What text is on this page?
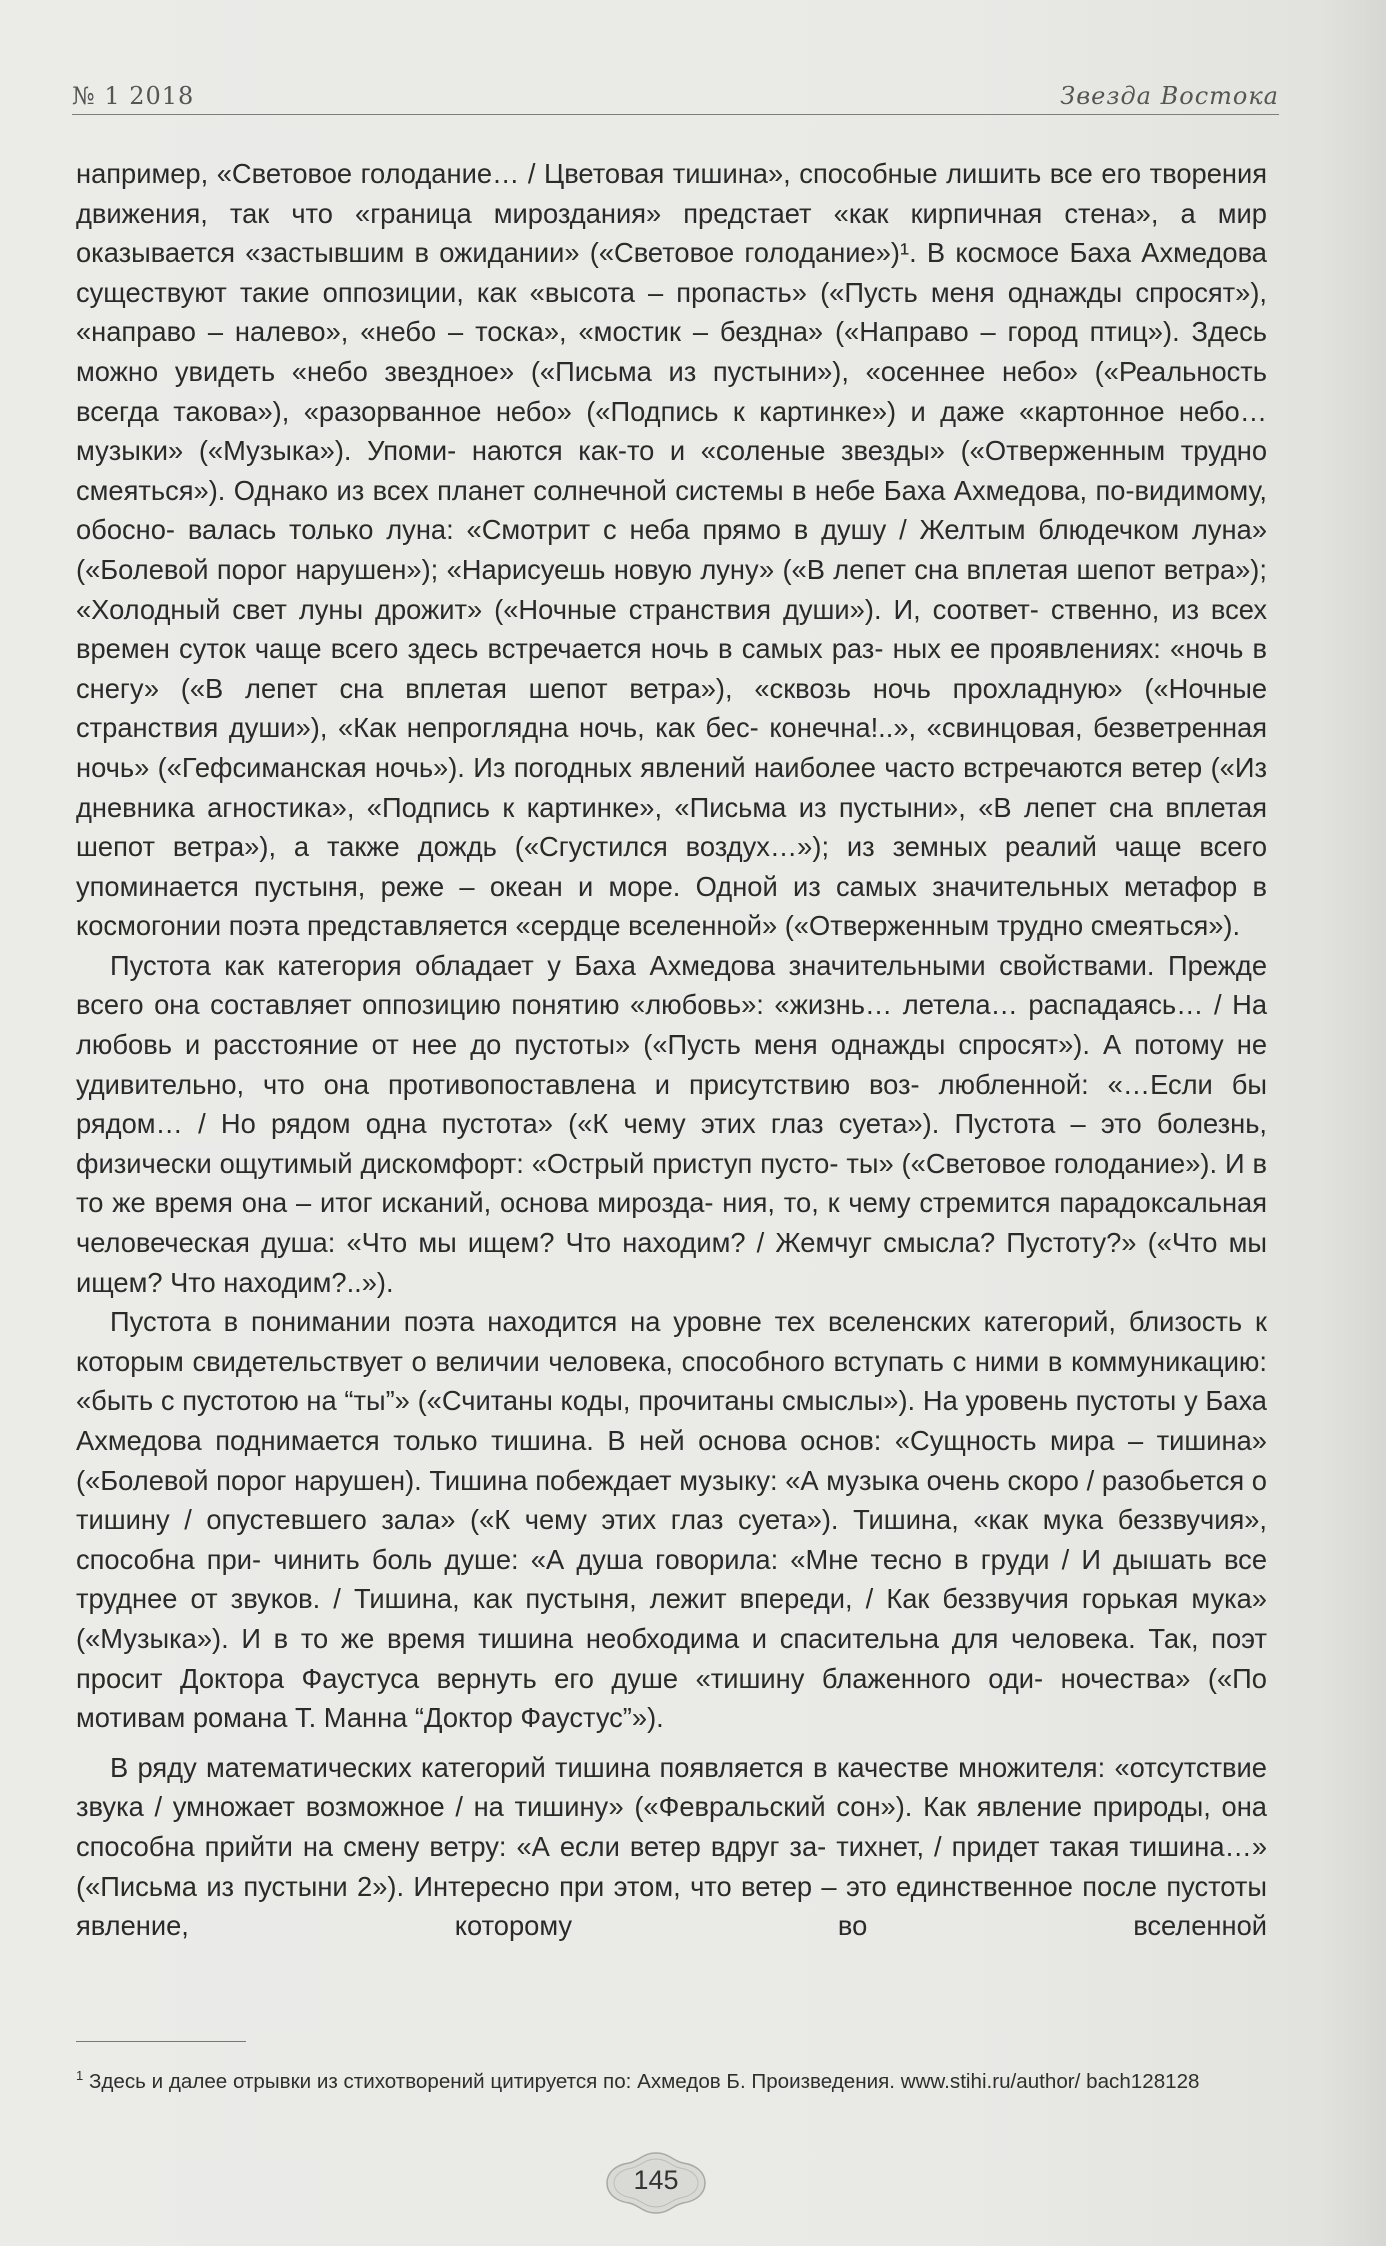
№ 1 2018	Звезда Востока

например, «Световое голодание… / Цветовая тишина», способные лишить все его творения движения, так что «граница мироздания» предстает «как кирпичная стена», а мир оказывается «застывшим в ожидании» («Световое голодание»)¹. В космосе Баха Ахмедова существуют такие оппозиции, как «высота – пропасть» («Пусть меня однажды спросят»), «направо – налево», «небо – тоска», «мостик – бездна» («Направо – город птиц»). Здесь можно увидеть «небо звездное» («Письма из пустыни»), «осеннее небо» («Реальность всегда такова»), «разорванное небо» («Подпись к картинке») и даже «картонное небо… музыки» («Музыка»). Упоми- наются как-то и «соленые звезды» («Отверженным трудно смеяться»). Однако из всех планет солнечной системы в небе Баха Ахмедова, по-видимому, обосно- валась только луна: «Смотрит с неба прямо в душу / Желтым блюдечком луна» («Болевой порог нарушен»); «Нарисуешь новую луну» («В лепет сна вплетая шепот ветра»); «Холодный свет луны дрожит» («Ночные странствия души»). И, соответ- ственно, из всех времен суток чаще всего здесь встречается ночь в самых раз- ных ее проявлениях: «ночь в снегу» («В лепет сна вплетая шепот ветра»), «сквозь ночь прохладную» («Ночные странствия души»), «Как непроглядна ночь, как бес- конечна!..», «свинцовая, безветренная ночь» («Гефсиманская ночь»). Из погодных явлений наиболее часто встречаются ветер («Из дневника агностика», «Подпись к картинке», «Письма из пустыни», «В лепет сна вплетая шепот ветра»), а также дождь («Сгустился воздух…»); из земных реалий чаще всего упоминается пустыня, реже – океан и море. Одной из самых значительных метафор в космогонии поэта представляется «сердце вселенной» («Отверженным трудно смеяться»).

Пустота как категория обладает у Баха Ахмедова значительными свойствами. Прежде всего она составляет оппозицию понятию «любовь»: «жизнь… летела… распадаясь… / На любовь и расстояние от нее до пустоты» («Пусть меня однажды спросят»). А потому не удивительно, что она противопоставлена и присутствию воз- любленной: «…Если бы рядом… / Но рядом одна пустота» («К чему этих глаз суета»). Пустота – это болезнь, физически ощутимый дискомфорт: «Острый приступ пусто- ты» («Световое голодание»). И в то же время она – итог исканий, основа мирозда- ния, то, к чему стремится парадоксальная человеческая душа: «Что мы ищем? Что находим? / Жемчуг смысла? Пустоту?» («Что мы ищем? Что находим?..»).

Пустота в понимании поэта находится на уровне тех вселенских категорий, близость к которым свидетельствует о величии человека, способного вступать с ними в коммуникацию: «быть с пустотою на “ты”» («Считаны коды, прочитаны смыслы»). На уровень пустоты у Баха Ахмедова поднимается только тишина. В ней основа основ: «Сущность мира – тишина» («Болевой порог нарушен). Тишина побеждает музыку: «А музыка очень скоро / разобьется о тишину / опустевшего зала» («К чему этих глаз суета»). Тишина, «как мука беззвучия», способна при- чинить боль душе: «А душа говорила: «Мне тесно в груди / И дышать все труднее от звуков. / Тишина, как пустыня, лежит впереди, / Как беззвучия горькая мука» («Музыка»). И в то же время тишина необходима и спасительна для человека. Так, поэт просит Доктора Фаустуса вернуть его душе «тишину блаженного оди- ночества» («По мотивам романа Т. Манна “Доктор Фаустус”»).

В ряду математических категорий тишина появляется в качестве множителя: «отсутствие звука / умножает возможное / на тишину» («Февральский сон»). Как явление природы, она способна прийти на смену ветру: «А если ветер вдруг за- тихнет, / придет такая тишина…» («Письма из пустыни 2»). Интересно при этом, что ветер – это единственное после пустоты явление, которому во вселенной

$^1$ Здесь и далее отрывки из стихотворений цитируется по: Ахмедов Б. Произведения. www.stihi.ru/author/ bach128128

145
